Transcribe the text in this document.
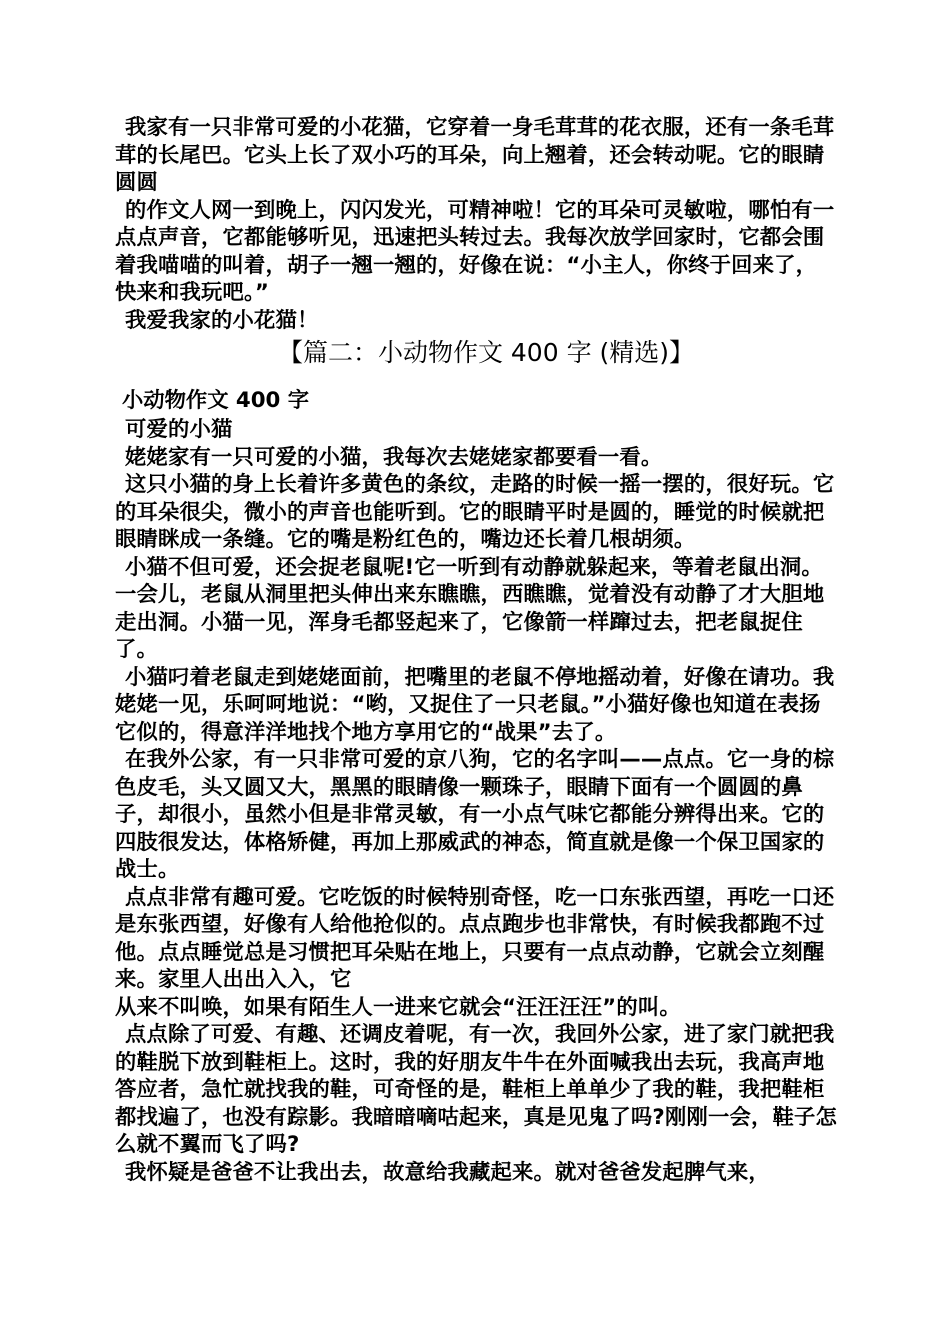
我家有一只非常可爱的小花猫，它穿着一身毛茸茸的花衣服，还有一条毛茸茸的长尾巴。它头上长了双小巧的耳朵，向上翘着，还会转动呢。它的眼睛圆圆

的作文人网一到晚上，闪闪发光，可精神啦！它的耳朵可灵敏啦，哪怕有一点点声音，它都能够听见，迅速把头转过去。我每次放学回家时，它都会围着我喵喵的叫着，胡子一翘一翘的，好像在说：“小主人，你终于回来了，快来和我玩吧。”

我爱我家的小花猫！

【篇二：小动物作文 400 字 (精选)】
小动物作文 400 字

可爱的小猫

姥姥家有一只可爱的小猫，我每次去姥姥家都要看一看。

这只小猫的身上长着许多黄色的条纹，走路的时候一摇一摆的，很好玩。它的耳朵很尖，微小的声音也能听到。它的眼睛平时是圆的，睡觉的时候就把眼睛眯成一条缝。它的嘴是粉红色的，嘴边还长着几根胡须。

小猫不但可爱，还会捉老鼠呢!它一听到有动静就躲起来，等着老鼠出洞。一会儿，老鼠从洞里把头伸出来东瞧瞧，西瞧瞧，觉着没有动静了才大胆地走出洞。小猫一见，浑身毛都竖起来了，它像箭一样蹿过去，把老鼠捉住了。

小猫叼着老鼠走到姥姥面前，把嘴里的老鼠不停地摇动着，好像在请功。我姥姥一见，乐呵呵地说：“哟，又捉住了一只老鼠。”小猫好像也知道在表扬它似的，得意洋洋地找个地方享用它的“战果”去了。

在我外公家，有一只非常可爱的京八狗，它的名字叫——点点。它一身的棕色皮毛，头又圆又大，黑黑的眼睛像一颗珠子，眼睛下面有一个圆圆的鼻子，却很小，虽然小但是非常灵敏，有一小点气味它都能分辨得出来。它的四肢很发达，体格矫健，再加上那威武的神态，简直就是像一个保卫国家的战士。

点点非常有趣可爱。它吃饭的时候特别奇怪，吃一口东张西望，再吃一口还是东张西望，好像有人给他抢似的。点点跑步也非常快，有时候我都跑不过他。点点睡觉总是习惯把耳朵贴在地上，只要有一点点动静，它就会立刻醒来。家里人出出入入，它

从来不叫唤，如果有陌生人一进来它就会“汪汪汪汪”的叫。

点点除了可爱、有趣、还调皮着呢，有一次，我回外公家，进了家门就把我的鞋脱下放到鞋柜上。这时，我的好朋友牛牛在外面喊我出去玩，我高声地答应者，急忙就找我的鞋，可奇怪的是，鞋柜上单单少了我的鞋，我把鞋柜都找遍了，也没有踪影。我暗暗嘀咕起来，真是见鬼了吗?刚刚一会，鞋子怎么就不翼而飞了吗?

我怀疑是爸爸不让我出去，故意给我藏起来。就对爸爸发起脾气来，
